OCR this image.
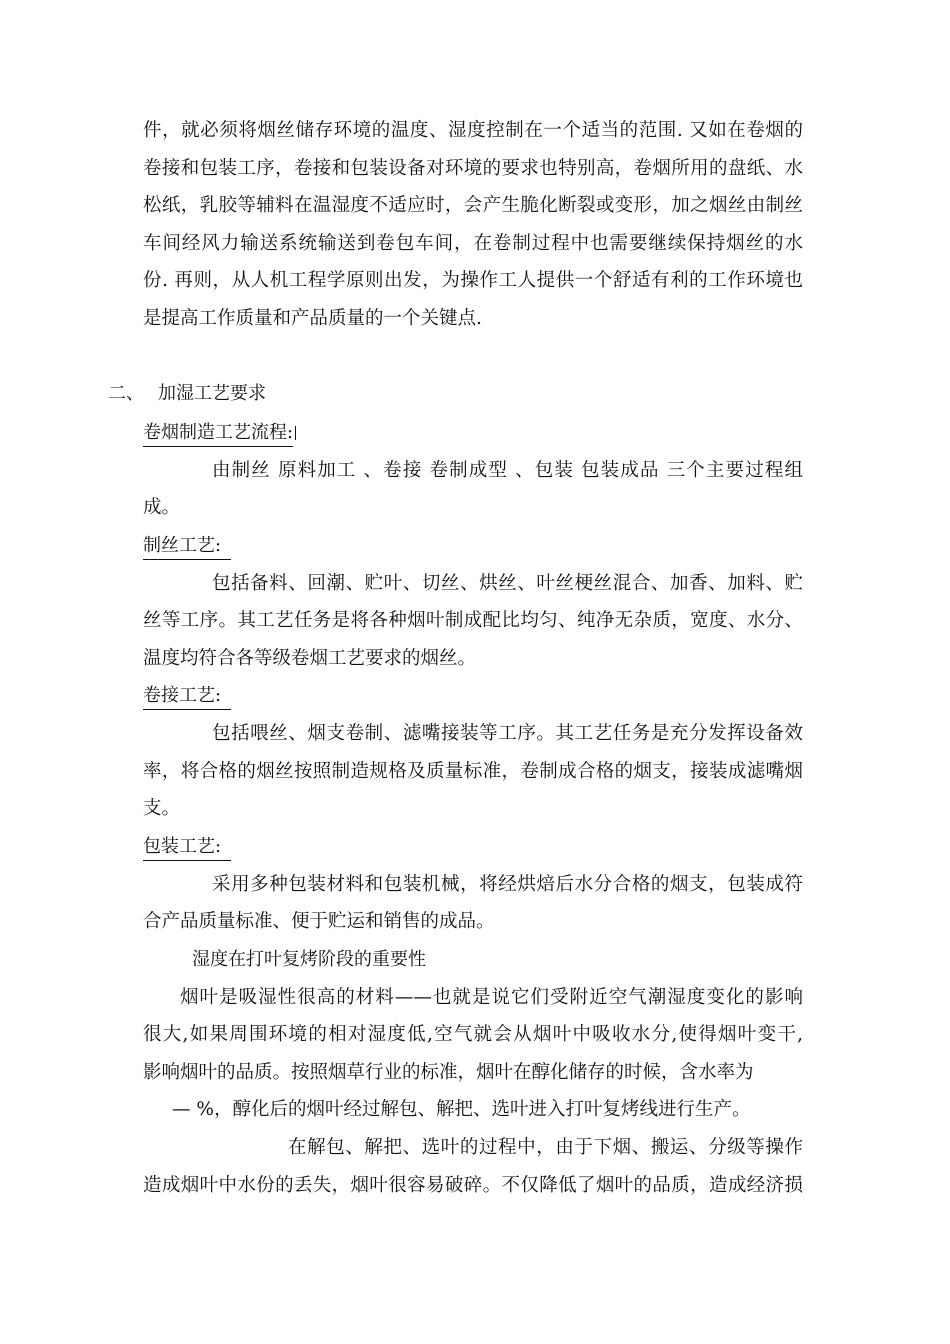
件，就必须将烟丝储存环境的温度、湿度控制在一个适当的范围. 又如在卷烟的
卷接和包装工序，卷接和包装设备对环境的要求也特别高，卷烟所用的盘纸、水
松纸，乳胶等辅料在温湿度不适应时，会产生脆化断裂或变形，加之烟丝由制丝
车间经风力输送系统输送到卷包车间，在卷制过程中也需要继续保持烟丝的水
份. 再则，从人机工程学原则出发，为操作工人提供一个舒适有利的工作环境也
是提高工作质量和产品质量的一个关键点.
二、 加湿工艺要求
卷烟制造工艺流程:
由制丝 原料加工 、卷接 卷制成型 、包装 包装成品 三个主要过程组
成。
制丝工艺:
包括备料、回潮、贮叶、切丝、烘丝、叶丝梗丝混合、加香、加料、贮
丝等工序。其工艺任务是将各种烟叶制成配比均匀、纯净无杂质，宽度、水分、
温度均符合各等级卷烟工艺要求的烟丝。
卷接工艺:
包括喂丝、烟支卷制、滤嘴接装等工序。其工艺任务是充分发挥设备效
率，将合格的烟丝按照制造规格及质量标准，卷制成合格的烟支，接装成滤嘴烟
支。
包装工艺:
采用多种包装材料和包装机械，将经烘焙后水分合格的烟支，包装成符
合产品质量标准、便于贮运和销售的成品。
湿度在打叶复烤阶段的重要性
烟叶是吸湿性很高的材料——也就是说它们受附近空气潮湿度变化的影响
很大,如果周围环境的相对湿度低,空气就会从烟叶中吸收水分,使得烟叶变干,
影响烟叶的品质。按照烟草行业的标准，烟叶在醇化储存的时候，含水率为
— %，醇化后的烟叶经过解包、解把、选叶进入打叶复烤线进行生产。
在解包、解把、选叶的过程中，由于下烟、搬运、分级等操作
造成烟叶中水份的丢失，烟叶很容易破碎。不仅降低了烟叶的品质，造成经济损
